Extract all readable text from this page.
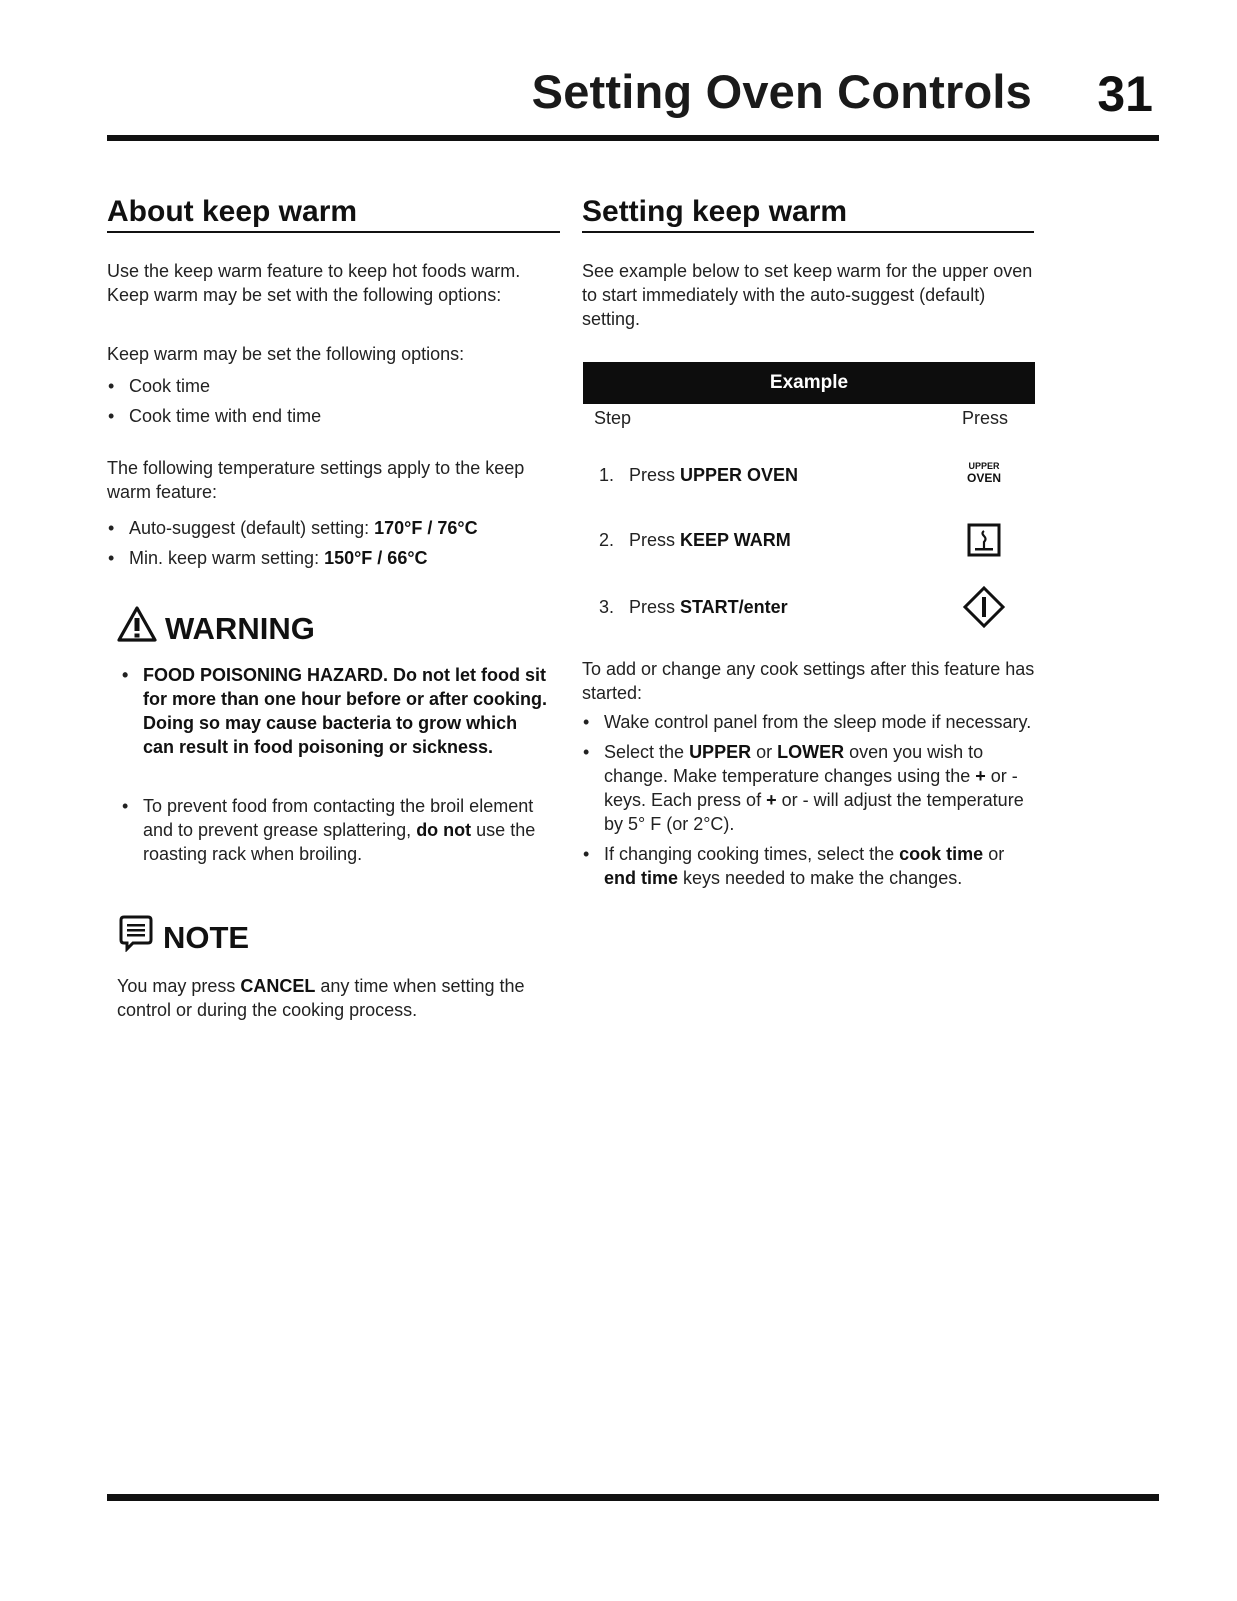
Setting Oven Controls 31
About keep warm
Use the keep warm feature to keep hot foods warm. Keep warm may be set with the following options:
Keep warm may be set the following options:
• Cook time
• Cook time with end time
The following temperature settings apply to the keep warm feature:
• Auto-suggest (default) setting: 170°F / 76°C
• Min. keep warm setting: 150°F / 66°C
WARNING
• FOOD POISONING HAZARD. Do not let food sit for more than one hour before or after cooking. Doing so may cause bacteria to grow which can result in food poisoning or sickness.
• To prevent food from contacting the broil element and to prevent grease splattering, do not use the roasting rack when broiling.
NOTE
You may press CANCEL any time when setting the control or during the cooking process.
Setting keep warm
See example below to set keep warm for the upper oven to start immediately with the auto-suggest (default) setting.
Example
Step	Press
1. Press UPPER OVEN	UPPER
OVEN
2. Press KEEP WARM
3. Press START/enter
To add or change any cook settings after this feature has started:
• Wake control panel from the sleep mode if necessary.
• Select the UPPER or LOWER oven you wish to change. Make temperature changes using the + or - keys. Each press of + or - will adjust the temperature by 5° F (or 2°C).
• If changing cooking times, select the cook time or end time keys needed to make the changes.
